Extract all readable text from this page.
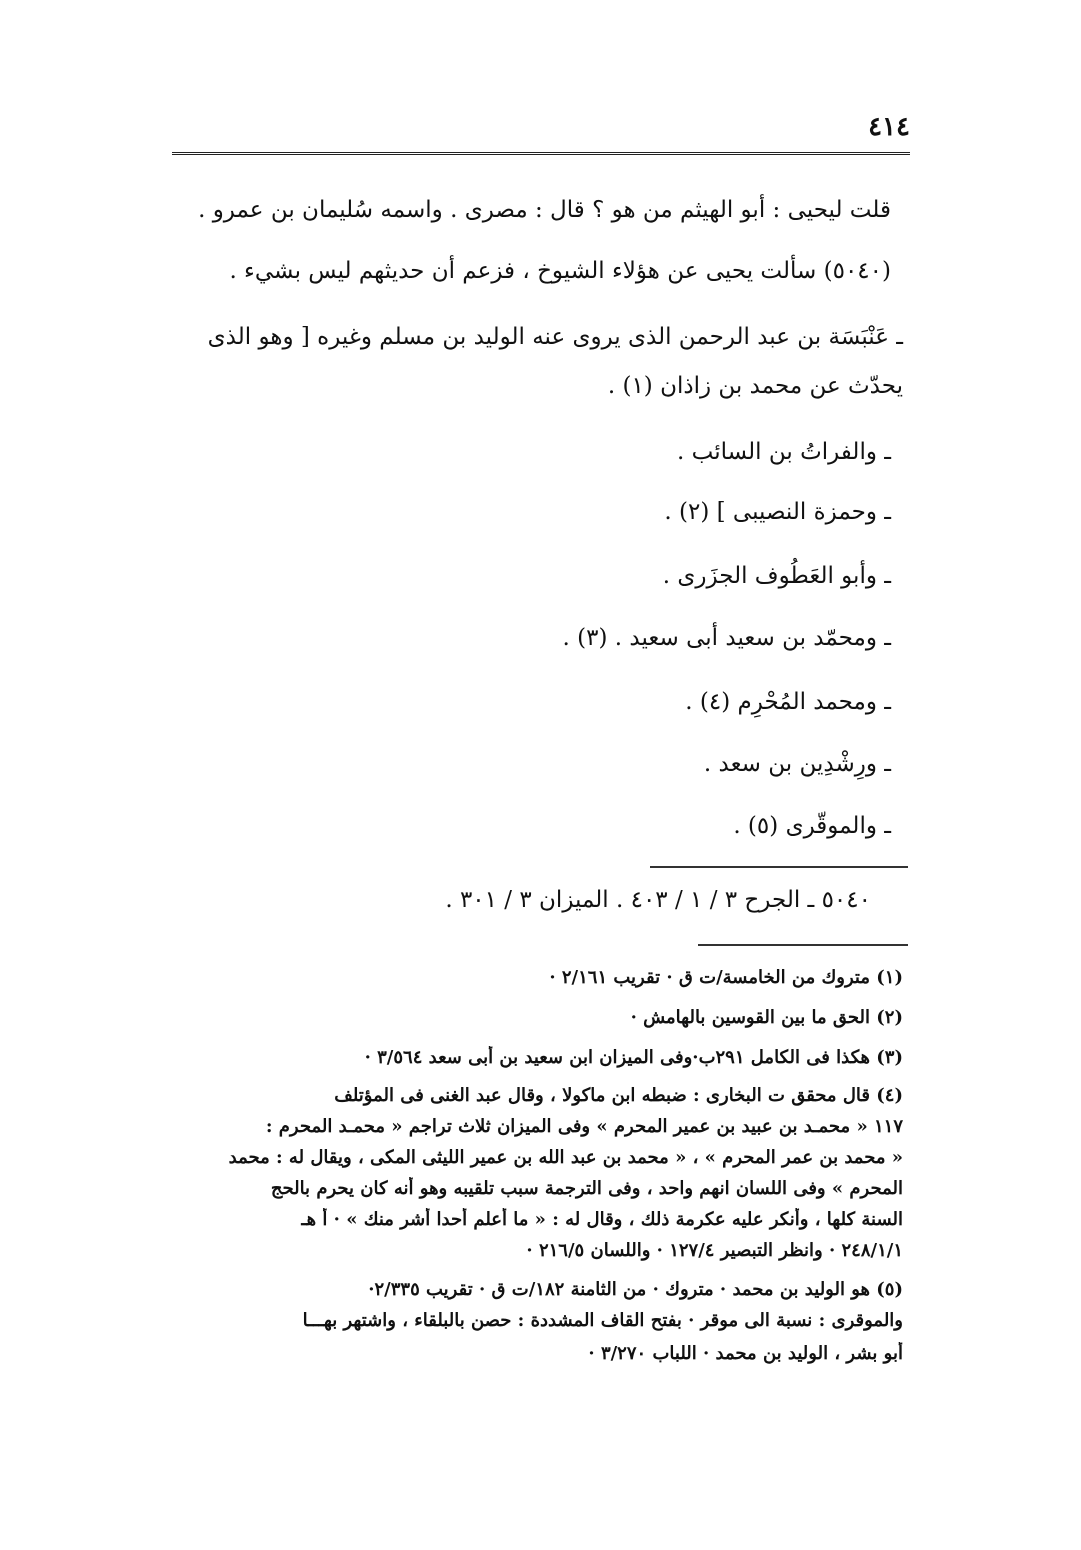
٤١٤
قلت ليحيى : أبو الهيثم من هو ؟ قال : مصرى . واسمه سُليمان بن عمرو .
(٥٠٤٠) سألت يحيى عن هؤلاء الشيوخ ، فزعم أن حديثهم ليس بشيء .
ـ عَنْبَسَة بن عبد الرحمن الذى يروى عنه الوليد بن مسلم وغيره [ وهو الذى
يحدّث عن محمد بن زاذان (١) .
ـ والفراتُ بن السائب .
ـ وحمزة النصيبى ] (٢) .
ـ وأبو العَطُوف الجزَرى .
ـ ومحمّد بن سعيد أبى سعيد . (٣) .
ـ ومحمد المُحْرِم (٤) .
ـ ورِشْدِين بن سعد .
ـ والموقّرى (٥) .
٥٠٤٠ ـ الجرح ٣ / ١ / ٤٠٣ . الميزان ٣ / ٣٠١ .
(١) متروك من الخامسة/ت ق · تقريب ٢/١٦١ ·
(٢) الحق ما بين القوسين بالهامش ·
(٣) هكذا فى الكامل ٢٩١ب·وفى الميزان ابن سعيد بن أبى سعد ٣/٥٦٤ ·
(٤) قال محقق ت البخارى : ضبطه ابن ماكولا ، وقال عبد الغنى فى المؤتلف
١١٧ « محمـد بن عبيد بن عمير المحرم » وفى الميزان ثلاث تراجم « محمـد المحرم :
« محمد بن عمر المحرم » ، « محمد بن عبد الله بن عمير الليثى المكى ، ويقال له : محمد
المحرم » وفى اللسان انهم واحد ، وفى الترجمة سبب تلقيبه وهو أنه كان يحرم بالحج
السنة كلها ، وأنكر عليه عكرمة ذلك ، وقال له : « ما أعلم أحدا أشر منك » · أ هـ
٢٤٨/١/١ · وانظر التبصير ١٢٧/٤ · واللسان ٢١٦/٥ ·
(٥) هو الوليد بن محمد · متروك · من الثامنة ١٨٢/ت ق · تقريب ٢/٣٣٥·
والموقرى : نسبة الى موقر · بفتح القاف المشددة : حصن بالبلقاء ، واشتهر بهـــا
أبو بشر ، الوليد بن محمد · اللباب ٣/٢٧٠ ·
